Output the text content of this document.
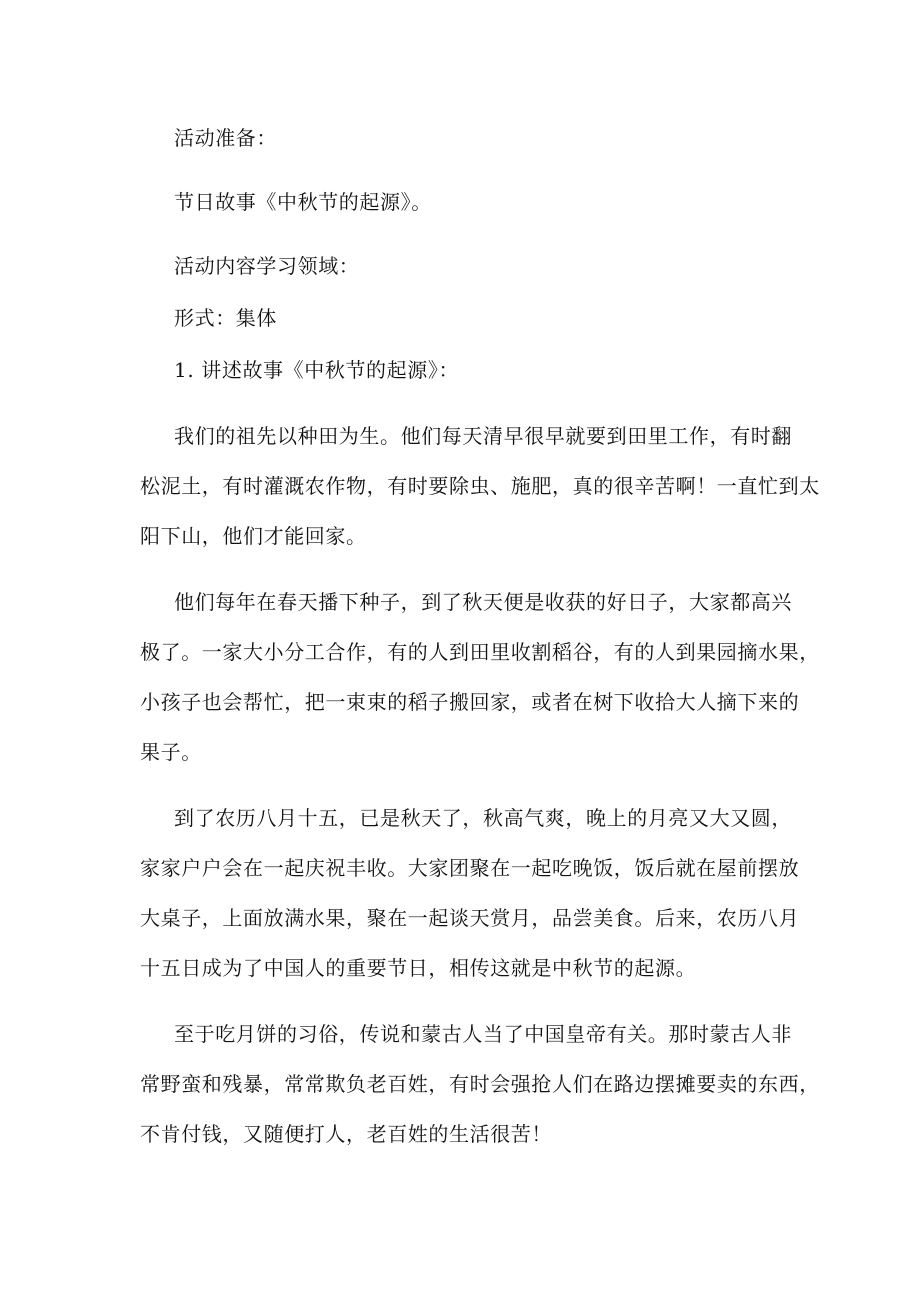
活动准备：
节日故事《中秋节的起源》。
活动内容学习领域：
形式：集体
1. 讲述故事《中秋节的起源》：
我们的祖先以种田为生。他们每天清早很早就要到田里工作，有时翻
松泥土，有时灌溉农作物，有时要除虫、施肥，真的很辛苦啊！一直忙到太
阳下山，他们才能回家。
他们每年在春天播下种子，到了秋天便是收获的好日子，大家都高兴
极了。一家大小分工合作，有的人到田里收割稻谷，有的人到果园摘水果，
小孩子也会帮忙，把一束束的稻子搬回家，或者在树下收拾大人摘下来的
果子。
到了农历八月十五，已是秋天了，秋高气爽，晚上的月亮又大又圆，
家家户户会在一起庆祝丰收。大家团聚在一起吃晚饭，饭后就在屋前摆放
大桌子，上面放满水果，聚在一起谈天赏月，品尝美食。后来，农历八月
十五日成为了中国人的重要节日，相传这就是中秋节的起源。
至于吃月饼的习俗，传说和蒙古人当了中国皇帝有关。那时蒙古人非
常野蛮和残暴，常常欺负老百姓，有时会强抢人们在路边摆摊要卖的东西，
不肯付钱，又随便打人，老百姓的生活很苦！
